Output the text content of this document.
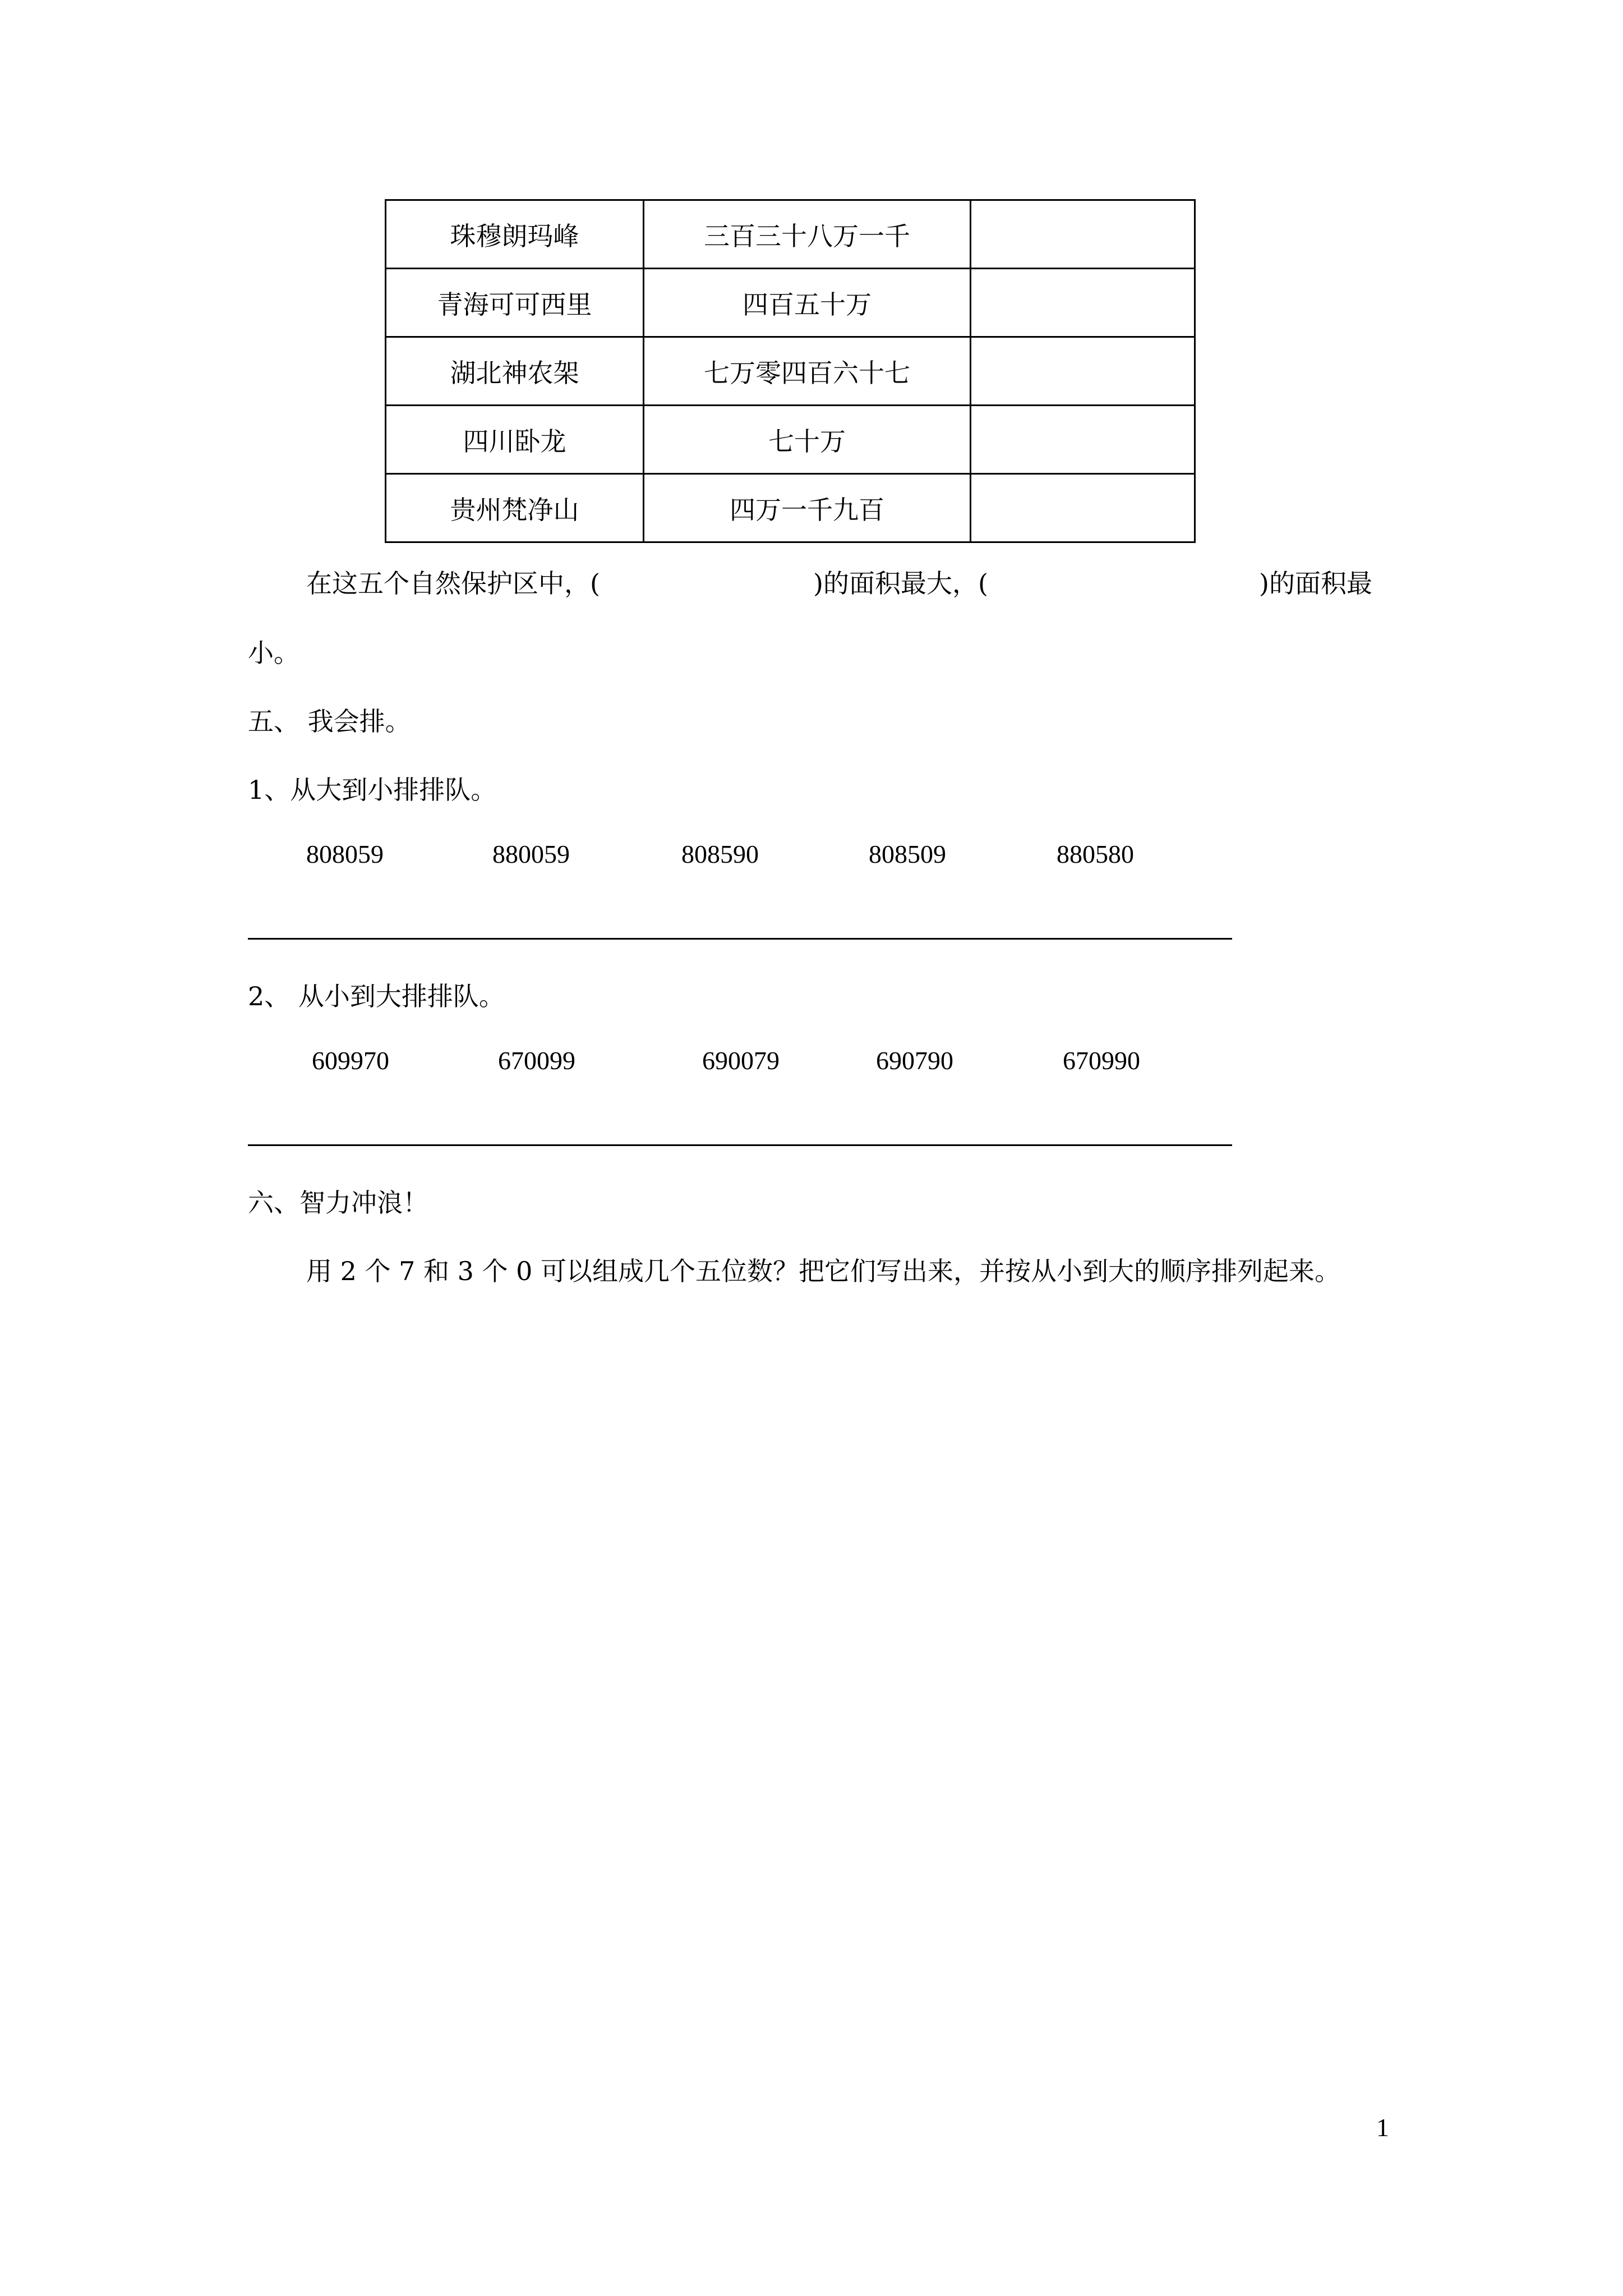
珠穆朗玛峰	三百三十八万一千	
青海可可西里	四百五十万	
湖北神农架	七万零四百六十七	
四川卧龙	七十万	
贵州梵净山	四万一千九百	
在这五个自然保护区中，(	)的面积最大，(	)的面积最
小。
五、 我会排。
1、从大到小排排队。
808059	880059	808590	808509	880580
2、 从小到大排排队。
609970	670099	690079	690790	670990
六、智力冲浪！
用 2 个 7 和 3 个 0 可以组成几个五位数？把它们写出来，并按从小到大的顺序排列起来。
1
